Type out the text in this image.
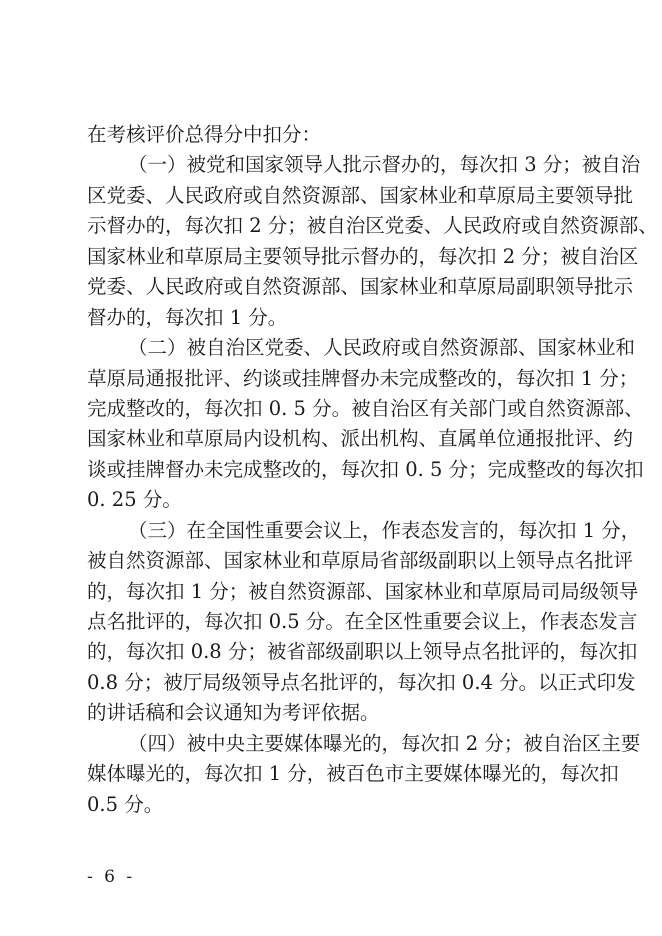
在考核评价总得分中扣分：
（一）被党和国家领导人批示督办的，每次扣 3 分；被自治
区党委、人民政府或自然资源部、国家林业和草原局主要领导批
示督办的，每次扣 2 分；被自治区党委、人民政府或自然资源部、
国家林业和草原局主要领导批示督办的，每次扣 2 分；被自治区
党委、人民政府或自然资源部、国家林业和草原局副职领导批示
督办的，每次扣 1 分。
（二）被自治区党委、人民政府或自然资源部、国家林业和
草原局通报批评、约谈或挂牌督办未完成整改的，每次扣 1 分；
完成整改的，每次扣 0. 5 分。被自治区有关部门或自然资源部、
国家林业和草原局内设机构、派出机构、直属单位通报批评、约
谈或挂牌督办未完成整改的，每次扣 0. 5 分；完成整改的每次扣
0. 25 分。
（三）在全国性重要会议上，作表态发言的，每次扣 1 分，
被自然资源部、国家林业和草原局省部级副职以上领导点名批评
的，每次扣 1 分；被自然资源部、国家林业和草原局司局级领导
点名批评的，每次扣 0.5 分。在全区性重要会议上，作表态发言
的，每次扣 0.8 分；被省部级副职以上领导点名批评的，每次扣
0.8 分；被厅局级领导点名批评的，每次扣 0.4 分。以正式印发
的讲话稿和会议通知为考评依据。
（四）被中央主要媒体曝光的，每次扣 2 分；被自治区主要
媒体曝光的，每次扣 1 分，被百色市主要媒体曝光的，每次扣
0.5 分。
- 6 -
